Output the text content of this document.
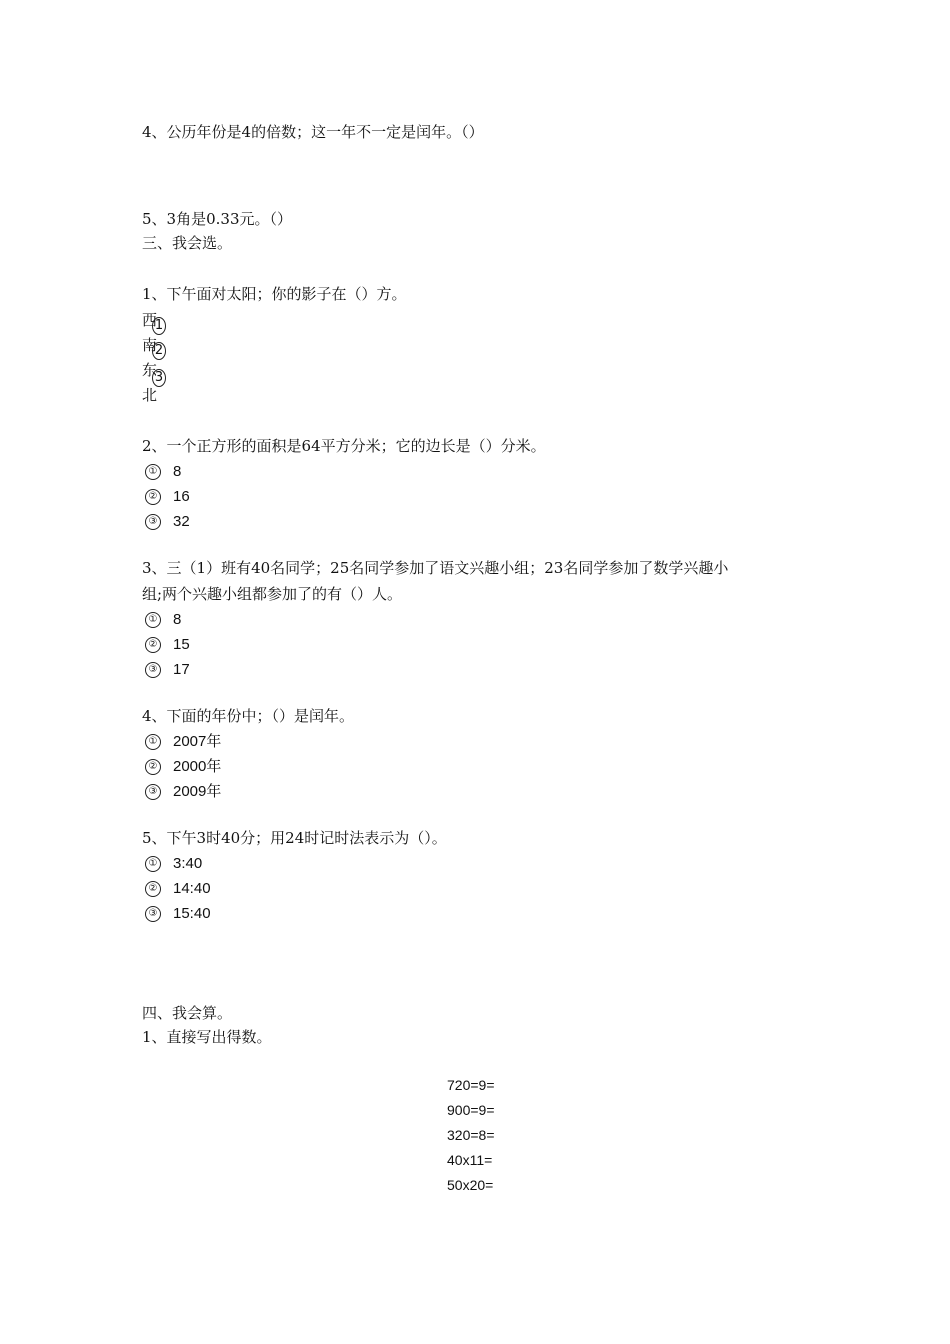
4、公历年份是4的倍数；这一年不一定是闰年。（）
5、3角是0.33元。（）
三、我会选。
1、下午面对太阳；你的影子在（）方。
西
南
东
北
1
2
3
2、一个正方形的面积是64平方分米；它的边长是（）分米。
① 8
② 16
③ 32
3、三（1）班有40名同学；25名同学参加了语文兴趣小组；23名同学参加了数学兴趣小
组;两个兴趣小组都参加了的有（）人。
① 8
② 15
③ 17
4、下面的年份中；（）是闰年。
① 2007年
② 2000年
③ 2009年
5、下午3时40分；用24时记时法表示为（）。
① 3:40
② 14:40
③ 15:40
四、我会算。
1、直接写出得数。
720=9=
900=9=
320=8=
40x11=
50x20=
